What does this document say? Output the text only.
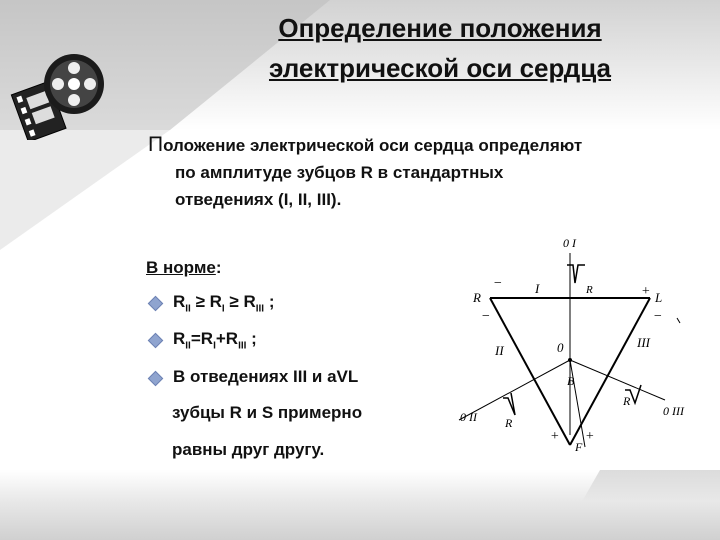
Определение положения
электрической оси сердца
Положение электрической оси сердца определяют
по амплитуде зубцов R в стандартных
отведениях (I, II, III).
В норме:
$R_{II} \ge R_I \ge R_{III}$ ;
$R_{II}=R_I+R_{III}$ ;
В отведениях III и aVL
зубцы R и S примерно
равны друг другу.
0 I
R	R	L
I
II
III
0
B
R
R
0 II	0 III
F
−
+
−	−
+ +
